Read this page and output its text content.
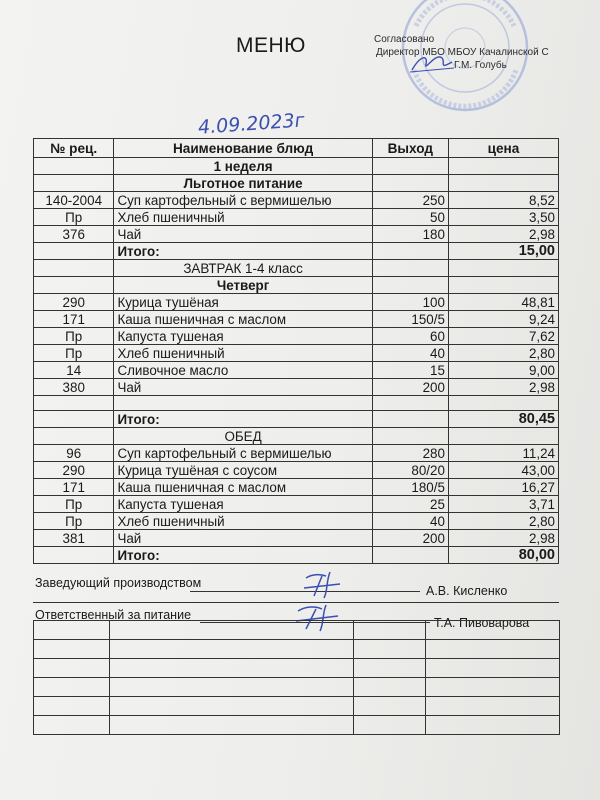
МЕНЮ	Согласовано
Директор МБО МБОУ Качалинской С
Г.М. Голубь
4.09.2023г
№ рец.	Наименование блюд	Выход	цена
	1 неделя		
	Льготное питание		
140-2004	Суп картофельный с вермишелью	250	8,52
Пр	Хлеб пшеничный	50	3,50
376	Чай	180	2,98
	Итого:		15,00
	ЗАВТРАК 1-4 класс		
	Четверг		
290	Курица тушёная	100	48,81
171	Каша пшеничная с маслом	150/5	9,24
Пр	Капуста тушеная	60	7,62
Пр	Хлеб пшеничный	40	2,80
14	Сливочное масло	15	9,00
380	Чай	200	2,98

	Итого:		80,45
	ОБЕД		
96	Суп картофельный с вермишелью	280	11,24
290	Курица тушёная с соусом	80/20	43,00
171	Каша пшеничная с маслом	180/5	16,27
Пр	Капуста тушеная	25	3,71
Пр	Хлеб пшеничный	40	2,80
381	Чай	200	2,98
	Итого:		80,00
Заведующий производством
А.В. Кисленко
Ответственный за питание
Т.А. Пивоварова
